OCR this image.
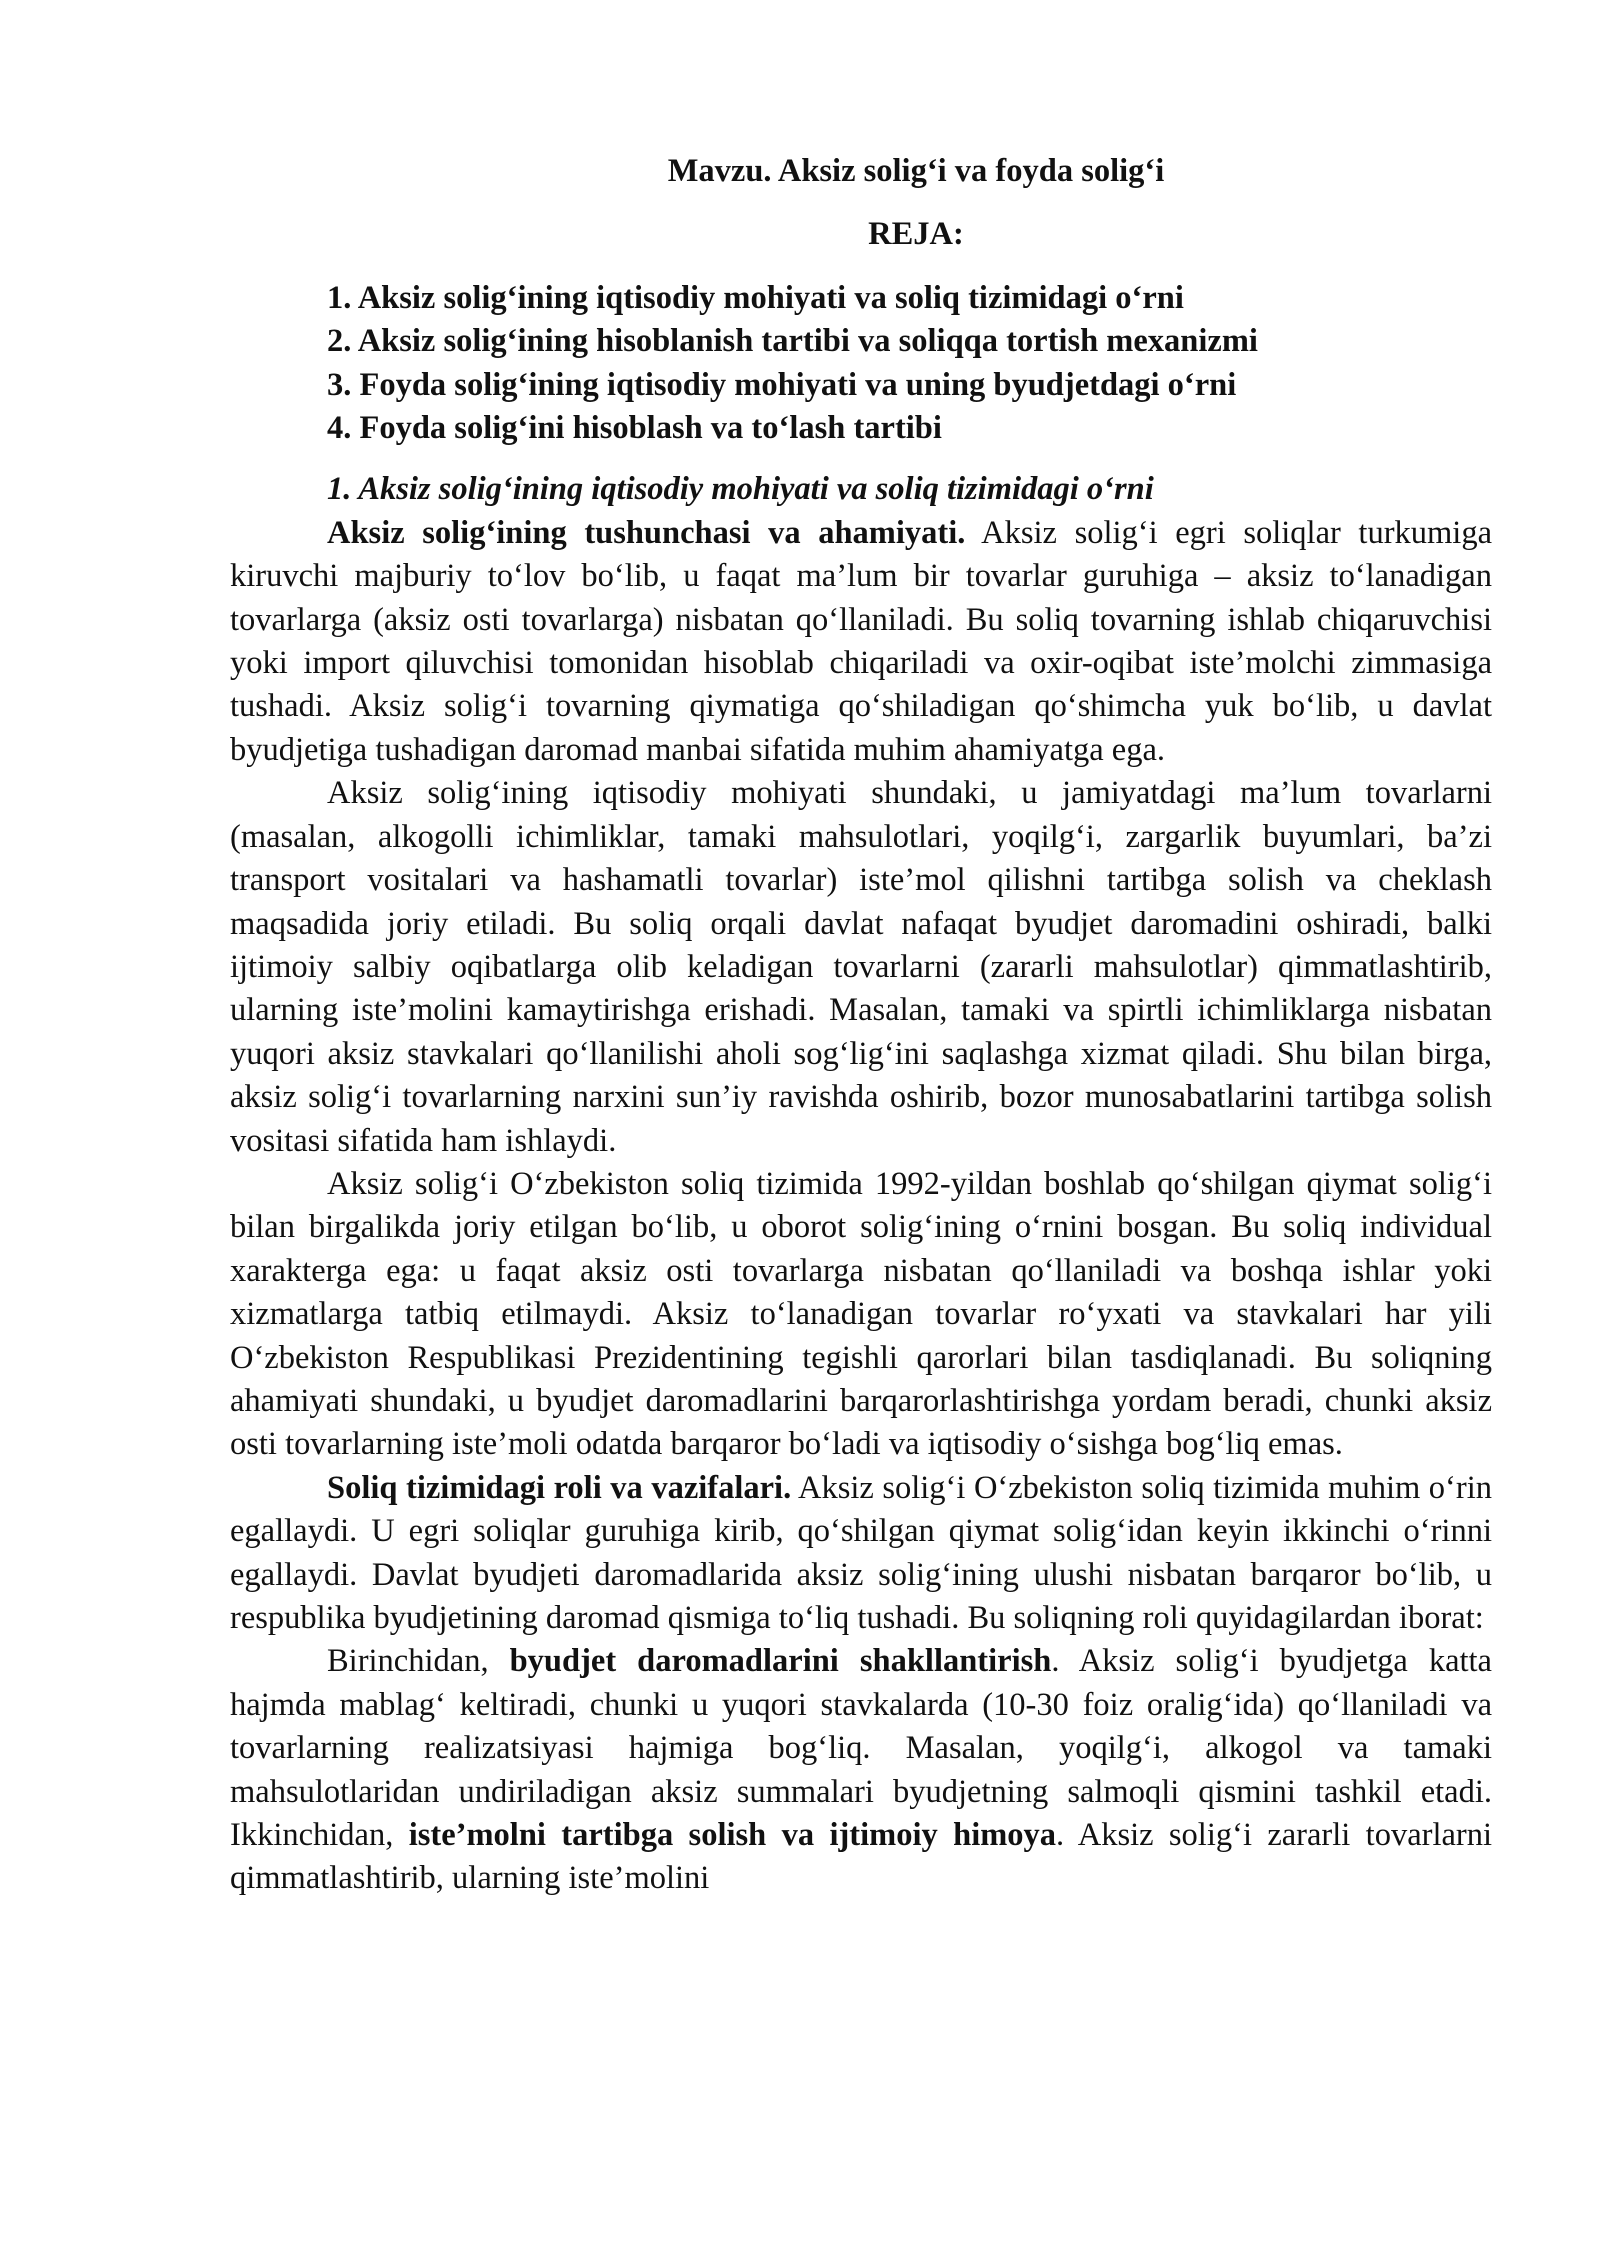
Mavzu. Aksiz solig‘i va foyda solig‘i

REJA:

1. Aksiz solig‘ining iqtisodiy mohiyati va soliq tizimidagi o‘rni
2. Aksiz solig‘ining hisoblanish tartibi va soliqqa tortish mexanizmi
3. Foyda solig‘ining iqtisodiy mohiyati va uning byudjetdagi o‘rni
4. Foyda solig‘ini hisoblash va to‘lash tartibi

1. Aksiz solig‘ining iqtisodiy mohiyati va soliq tizimidagi o‘rni

Aksiz solig‘ining tushunchasi va ahamiyati. Aksiz solig‘i egri soliqlar turkumiga kiruvchi majburiy to‘lov bo‘lib, u faqat ma’lum bir tovarlar guruhiga – aksiz to‘lanadigan tovarlarga (aksiz osti tovarlarga) nisbatan qo‘llaniladi. Bu soliq tovarning ishlab chiqaruvchisi yoki import qiluvchisi tomonidan hisoblab chiqariladi va oxir-oqibat iste’molchi zimmasiga tushadi. Aksiz solig‘i tovarning qiymatiga qo‘shiladigan qo‘shimcha yuk bo‘lib, u davlat byudjetiga tushadigan daromad manbai sifatida muhim ahamiyatga ega.

Aksiz solig‘ining iqtisodiy mohiyati shundaki, u jamiyatdagi ma’lum tovarlarni (masalan, alkogolli ichimliklar, tamaki mahsulotlari, yoqilg‘i, zargarlik buyumlari, ba’zi transport vositalari va hashamatli tovarlar) iste’mol qilishni tartibga solish va cheklash maqsadida joriy etiladi. Bu soliq orqali davlat nafaqat byudjet daromadini oshiradi, balki ijtimoiy salbiy oqibatlarga olib keladigan tovarlarni (zararli mahsulotlar) qimmatlashtirib, ularning iste’molini kamaytirishga erishadi. Masalan, tamaki va spirtli ichimliklarga nisbatan yuqori aksiz stavkalari qo‘llanilishi aholi sog‘lig‘ini saqlashga xizmat qiladi. Shu bilan birga, aksiz solig‘i tovarlarning narxini sun’iy ravishda oshirib, bozor munosabatlarini tartibga solish vositasi sifatida ham ishlaydi.

Aksiz solig‘i O‘zbekiston soliq tizimida 1992-yildan boshlab qo‘shilgan qiymat solig‘i bilan birgalikda joriy etilgan bo‘lib, u oborot solig‘ining o‘rnini bosgan. Bu soliq individual xarakterga ega: u faqat aksiz osti tovarlarga nisbatan qo‘llaniladi va boshqa ishlar yoki xizmatlarga tatbiq etilmaydi. Aksiz to‘lanadigan tovarlar ro‘yxati va stavkalari har yili O‘zbekiston Respublikasi Prezidentining tegishli qarorlari bilan tasdiqlanadi. Bu soliqning ahamiyati shundaki, u byudjet daromadlarini barqarorlashtirishga yordam beradi, chunki aksiz osti tovarlarning iste’moli odatda barqaror bo‘ladi va iqtisodiy o‘sishga bog‘liq emas.

Soliq tizimidagi roli va vazifalari. Aksiz solig‘i O‘zbekiston soliq tizimida muhim o‘rin egallaydi. U egri soliqlar guruhiga kirib, qo‘shilgan qiymat solig‘idan keyin ikkinchi o‘rinni egallaydi. Davlat byudjeti daromadlarida aksiz solig‘ining ulushi nisbatan barqaror bo‘lib, u respublika byudjetining daromad qismiga to‘liq tushadi. Bu soliqning roli quyidagilardan iborat:

Birinchidan, byudjet daromadlarini shakllantirish. Aksiz solig‘i byudjetga katta hajmda mablag‘ keltiradi, chunki u yuqori stavkalarda (10-30 foiz oralig‘ida) qo‘llaniladi va tovarlarning realizatsiyasi hajmiga bog‘liq. Masalan, yoqilg‘i, alkogol va tamaki mahsulotlaridan undiriladigan aksiz summalari byudjetning salmoqli qismini tashkil etadi. Ikkinchidan, iste’molni tartibga solish va ijtimoiy himoya. Aksiz solig‘i zararli tovarlarni qimmatlashtirib, ularning iste’molini
